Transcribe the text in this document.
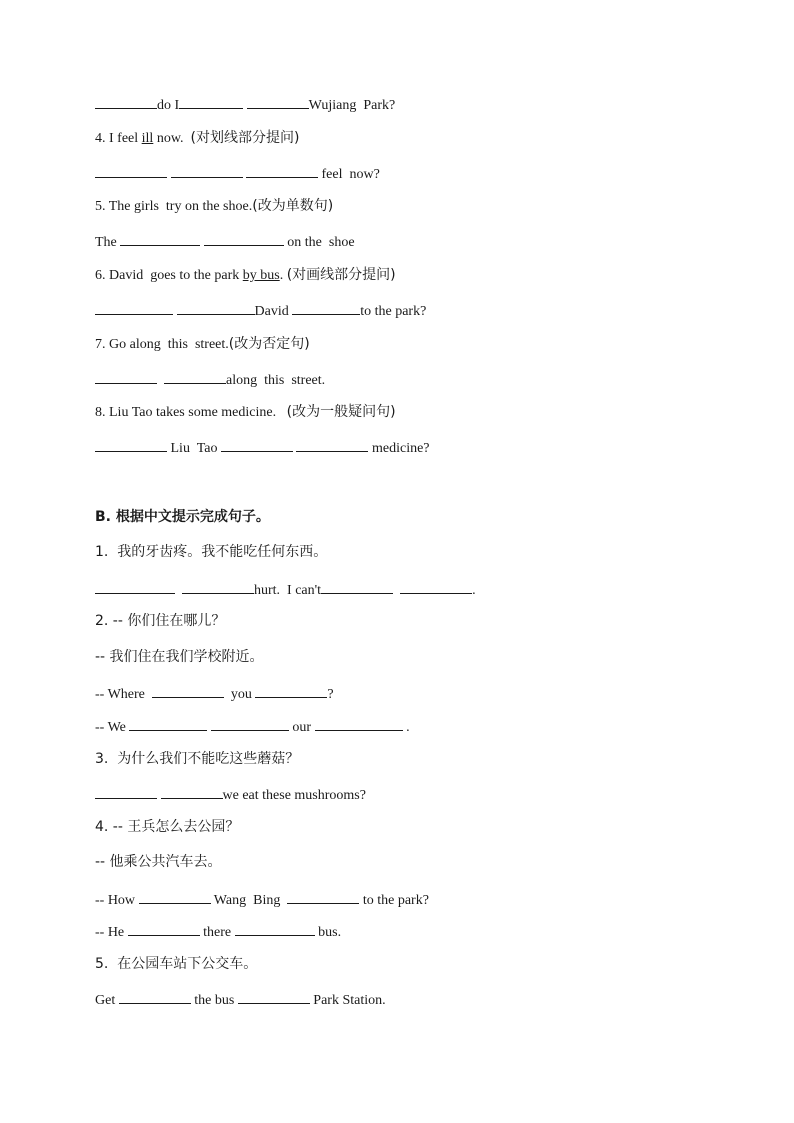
do I	Wujiang  Park?
4. I feel ill now.  (对划线部分提问)
feel  now?
5. The girls  try on the shoe.(改为单数句)
The	on the  shoe
6. David  goes to the park by bus. (对画线部分提问)
David	to the park?
7. Go along  this  street.(改为否定句)
along  this  street.
8. Liu Tao takes some medicine.   (改为一般疑问句)
Liu  Tao	medicine?
B. 根据中文提示完成句子。
1.  我的牙齿疼。我不能吃任何东西。
hurt.  I can't	.
2. -- 你们住在哪儿？
-- 我们住在我们学校附近。
-- Where	you	?
-- We	our	.
3.  为什么我们不能吃这些蘑菇？
we eat these mushrooms?
4. -- 王兵怎么去公园？
-- 他乘公共汽车去。
-- How	Wang  Bing	to the park?
-- He	there	bus.
5.  在公园车站下公交车。
Get	the bus	Park Station.
